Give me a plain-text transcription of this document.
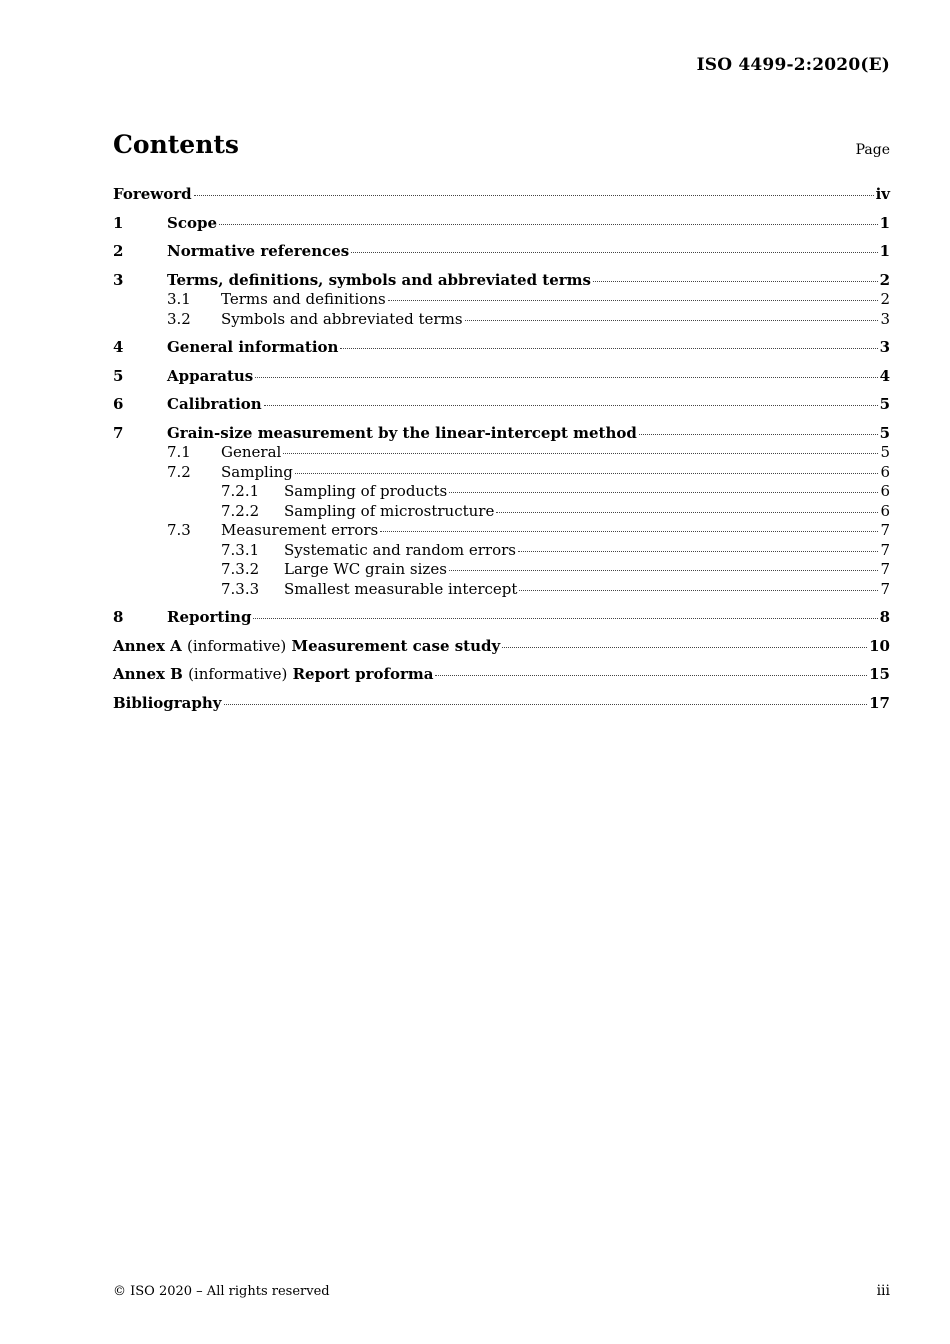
ISO 4499-2:2020(E)
Contents	Page
Foreword	iv
1	Scope	1
2	Normative references	1
3	Terms, definitions, symbols and abbreviated terms	2
3.1	Terms and definitions	2
3.2	Symbols and abbreviated terms	3
4	General information	3
5	Apparatus	4
6	Calibration	5
7	Grain-size measurement by the linear-intercept method	5
7.1	General	5
7.2	Sampling	6
7.2.1	Sampling of products	6
7.2.2	Sampling of microstructure	6
7.3	Measurement errors	7
7.3.1	Systematic and random errors	7
7.3.2	Large WC grain sizes	7
7.3.3	Smallest measurable intercept	7
8	Reporting	8
Annex A (informative) Measurement case study	10
Annex B (informative) Report proforma	15
Bibliography	17
© ISO 2020 – All rights reserved	iii
